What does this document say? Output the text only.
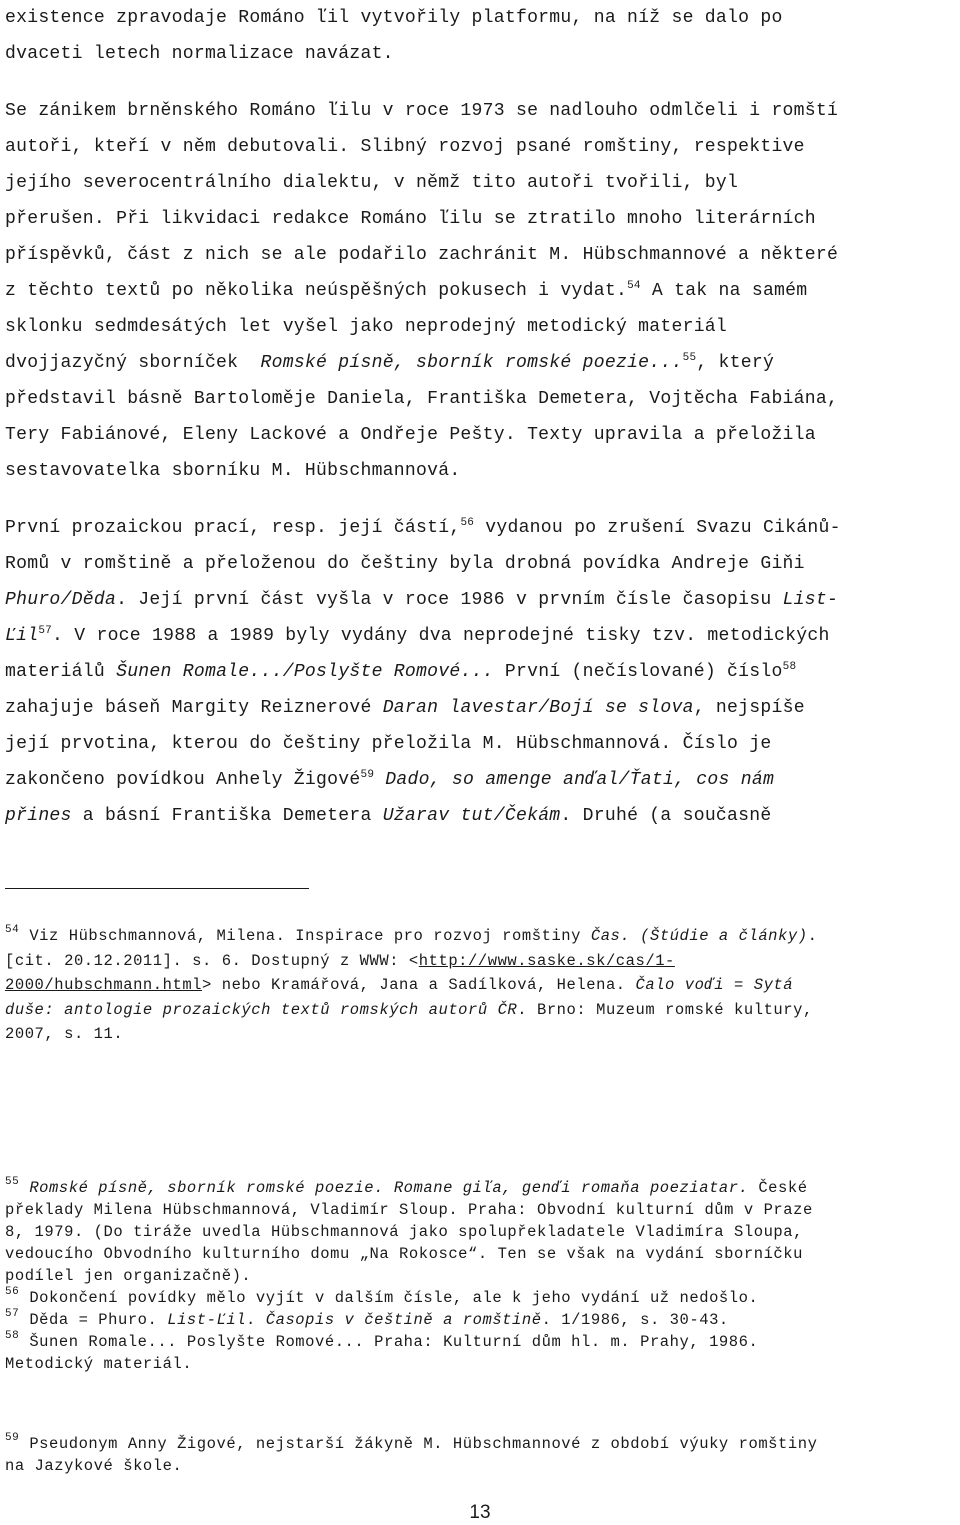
existence zpravodaje Románo ľil vytvořily platformu, na níž se dalo po
dvaceti letech normalizace navázat.

Se zánikem brněnského Románo ľilu v roce 1973 se nadlouho odmlčeli i romští
autoři, kteří v něm debutovali. Slibný rozvoj psané romštiny, respektive
jejího severocentrálního dialektu, v němž tito autoři tvořili, byl
přerušen. Při likvidaci redakce Románo ľilu se ztratilo mnoho literárních
příspěvků, část z nich se ale podařilo zachránit M. Hübschmannové a některé
z těchto textů po několika neúspěšných pokusech i vydat.$^{54}$ A tak na samém
sklonku sedmdesátých let vyšel jako neprodejný metodický materiál
dvojjazyčný sborníček  Romské písně, sborník romské poezie...$^{55}$, který
představil básně Bartoloměje Daniela, Františka Demetera, Vojtěcha Fabiána,
Tery Fabiánové, Eleny Lackové a Ondřeje Pešty. Texty upravila a přeložila
sestavovatelka sborníku M. Hübschmannová.

První prozaickou prací, resp. její částí,$^{56}$ vydanou po zrušení Svazu Cikánů-
Romů v romštině a přeloženou do češtiny byla drobná povídka Andreje Giňi
Phuro/Děda. Její první část vyšla v roce 1986 v prvním čísle časopisu List-
Ľil$^{57}$. V roce 1988 a 1989 byly vydány dva neprodejné tisky tzv. metodických
materiálů Šunen Romale.../Poslyšte Romové... První (nečíslované) číslo$^{58}$
zahajuje báseň Margity Reiznerové Daran lavestar/Bojí se slova, nejspíše
její prvotina, kterou do češtiny přeložila M. Hübschmannová. Číslo je
zakončeno povídkou Anhely Žigové$^{59}$ Dado, so amenge anďal/Ťati, cos nám
přines a básní Františka Demetera Užarav tut/Čekám. Druhé (a současně

$^{54}$ Viz Hübschmannová, Milena. Inspirace pro rozvoj romštiny Čas. (Štúdie a články).
[cit. 20.12.2011]. s. 6. Dostupný z WWW: <http://www.saske.sk/cas/1-
2000/hubschmann.html> nebo Kramářová, Jana a Sadílková, Helena. Čalo voďi = Sytá
duše: antologie prozaických textů romských autorů ČR. Brno: Muzeum romské kultury,
2007, s. 11.
$^{55}$ Romské písně, sborník romské poezie. Romane giľa, genďi romaňa poeziatar. České
překlady Milena Hübschmannová, Vladimír Sloup. Praha: Obvodní kulturní dům v Praze
8, 1979. (Do tiráže uvedla Hübschmannová jako spolupřekladatele Vladimíra Sloupa,
vedoucího Obvodního kulturního domu „Na Rokosce“. Ten se však na vydání sborníčku
podílel jen organizačně).
$^{56}$ Dokončení povídky mělo vyjít v dalším čísle, ale k jeho vydání už nedošlo.
$^{57}$ Děda = Phuro. List-Ľil. Časopis v češtině a romštině. 1/1986, s. 30-43.
$^{58}$ Šunen Romale... Poslyšte Romové... Praha: Kulturní dům hl. m. Prahy, 1986.
Metodický materiál.
$^{59}$ Pseudonym Anny Žigové, nejstarší žákyně M. Hübschmannové z období výuky romštiny
na Jazykové škole.
13
